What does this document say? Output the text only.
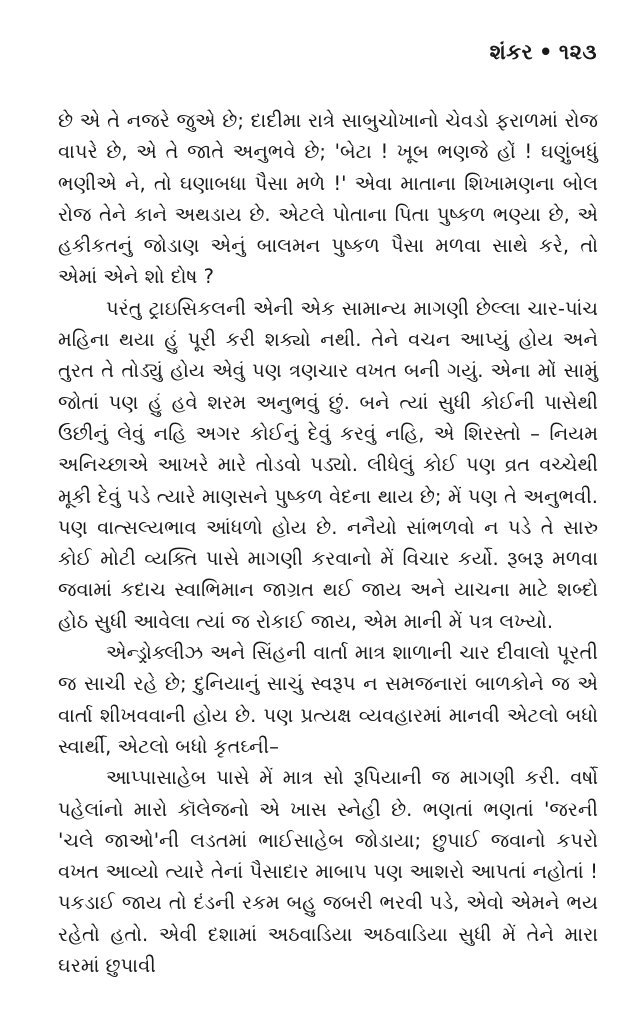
શંકર • ૧૨૩

છે એ તે નજરે જુએ છે; દાદીમા રાત્રે સાબુચોખાનો ચેવડો ફરાળમાં રોજ વાપરે છે, એ તે જાતે અનુભવે છે; 'બેટા ! ખૂબ ભણજે હોં ! ઘણુંબધું ભણીએ ને, તો ઘણાબધા પૈસા મળે !' એવા માતાના શિખામણના બોલ રોજ તેને કાને અથડાય છે. એટલે પોતાના પિતા પુષ્કળ ભણ્યા છે, એ હકીકતનું જોડાણ એનું બાલમન પુષ્કળ પૈસા મળવા સાથે કરે, તો એમાં એને શો દોષ ?

પરંતુ ટ્રાઇસિકલની એની એક સામાન્ય માગણી છેલ્લા ચાર-પાંચ મહિના થયા હું પૂરી કરી શક્યો નથી. તેને વચન આપ્યું હોય અને તુરત તે તોડ્યું હોય એવું પણ ત્રણચાર વખત બની ગયું. એના મોં સામું જોતાં પણ હું હવે શરમ અનુભવું છું. બને ત્યાં સુધી કોઈની પાસેથી ઉછીનું લેવું નહિ અગર કોઈનું દેવું કરવું નહિ, એ શિરસ્તો – નિયમ અનિચ્છાએ આખરે મારે તોડવો પડ્યો. લીધેલું કોઈ પણ વ્રત વચ્ચેથી મૂકી દેવું પડે ત્યારે માણસને પુષ્કળ વેદના થાય છે; મેં પણ તે અનુભવી. પણ વાત્સલ્યભાવ આંધળો હોય છે. નનૈયો સાંભળવો ન પડે તે સારુ કોઈ મોટી વ્યક્તિ પાસે માગણી કરવાનો મેં વિચાર કર્યો. રૂબરૂ મળવા જવામાં કદાચ સ્વાભિમાન જાગ્રત થઈ જાય અને યાચના માટે શબ્દો હોઠ સુધી આવેલા ત્યાં જ રોકાઈ જાય, એમ માની મેં પત્ર લખ્યો.

એન્ડ્રોક્લીઝ અને સિંહની વાર્તા માત્ર શાળાની ચાર દીવાલો પૂરતી જ સાચી રહે છે; દુનિયાનું સાચું સ્વરૂપ ન સમજનારાં બાળકોને જ એ વાર્તા શીખવવાની હોય છે. પણ પ્રત્યક્ષ વ્યવહારમાં માનવી એટલો બધો સ્વાર્થી, એટલો બધો કૃતઘ્ની–

આપ્પાસાહેબ પાસે મેં માત્ર સો રૂપિયાની જ માગણી કરી. વર્ષો પહેલાંનો મારો કૉલેજનો એ ખાસ સ્નેહી છે. ભણતાં ભણતાં 'જરની 'ચલે જાઓ'ની લડતમાં ભાઈસાહેબ જોડાયા; છુપાઈ જવાનો કપરો વખત આવ્યો ત્યારે તેનાં પૈસાદાર માબાપ પણ આશરો આપતાં નહોતાં ! પકડાઈ જાય તો દંડની રકમ બહુ જબરી ભરવી પડે, એવો એમને ભય રહેતો હતો. એવી દશામાં અઠવાડિયા અઠવાડિયા સુધી મેં તેને મારા ઘરમાં છુપાવી
